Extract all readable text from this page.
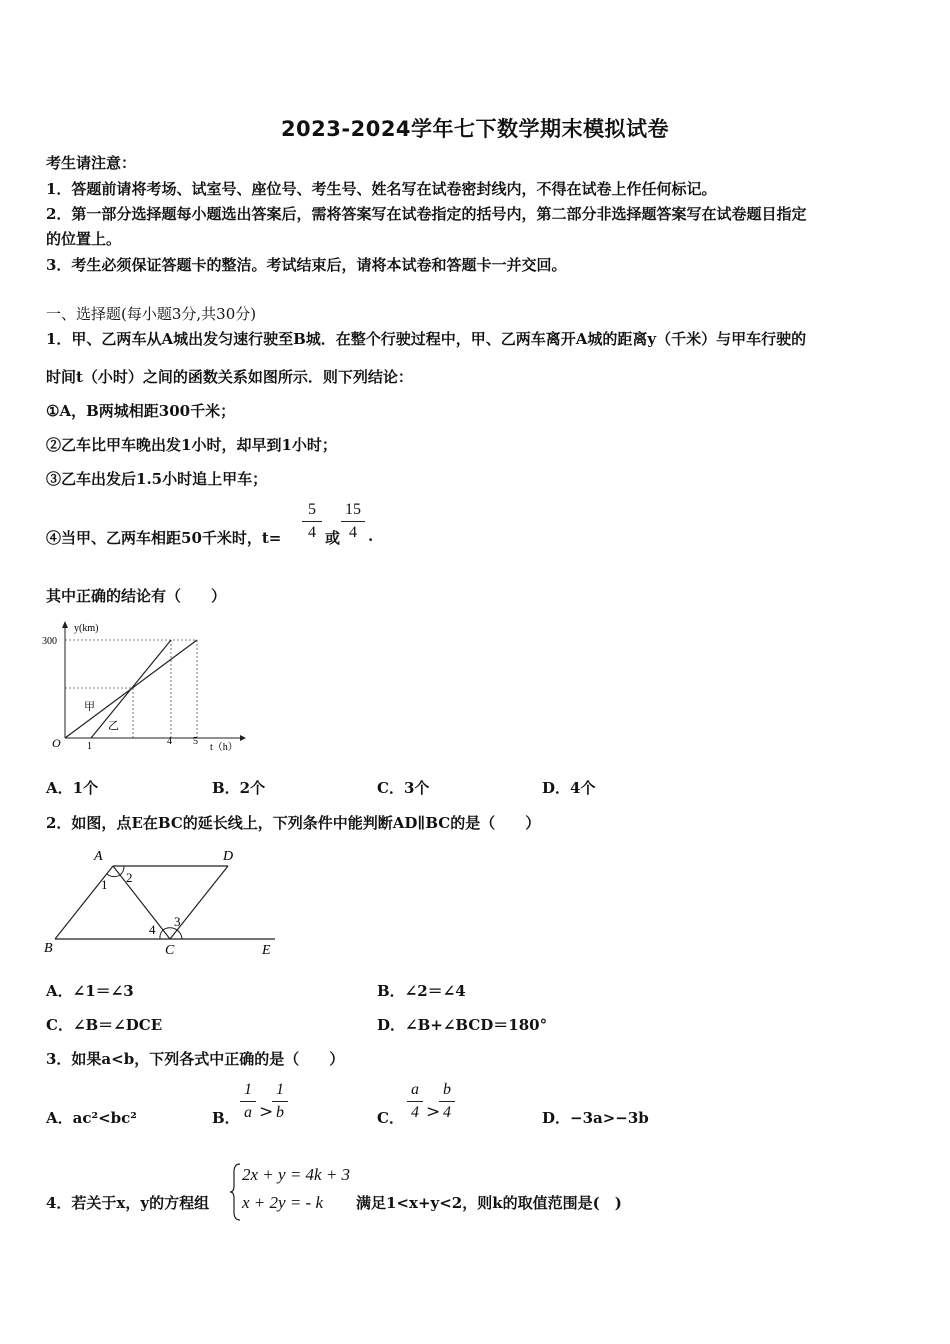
2023-2024学年七下数学期末模拟试卷
考生请注意：
1．答题前请将考场、试室号、座位号、考生号、姓名写在试卷密封线内，不得在试卷上作任何标记。
2．第一部分选择题每小题选出答案后，需将答案写在试卷指定的括号内，第二部分非选择题答案写在试卷题目指定
的位置上。
3．考生必须保证答题卡的整洁。考试结束后，请将本试卷和答题卡一并交回。
一、选择题(每小题3分,共30分)
1．甲、乙两车从A城出发匀速行驶至B城．在整个行驶过程中，甲、乙两车离开A城的距离y（千米）与甲车行驶的
时间t（小时）之间的函数关系如图所示．则下列结论：
①A，B两城相距300千米；
②乙车比甲车晚出发1小时，却早到1小时；
③乙车出发后1.5小时追上甲车；
④当甲、乙两车相距50千米时，t=
5
4 或
15
4 .
其中正确的结论有（　　）
y(km)
300
O	1	4 5
t（h）
甲
乙
A．1个	B．2个	C．3个	D．4个
2．如图，点E在BC的延长线上，下列条件中能判断AD∥BC的是（　　）
A	D
B	C	E
1 2
3
4
A．∠1＝∠3	B．∠2＝∠4
C．∠B＝∠DCE	D．∠B+∠BCD＝180°
3．如果a<b，下列各式中正确的是（　　）
A．ac²<bc²	B．
1
a >
1
b	C．
a
4 >
b
4	D．−3a>−3b
4．若关于x，y的方程组
2x + y = 4k + 3
x + 2y = - k 满足1<x+y<2，则k的取值范围是(　)
